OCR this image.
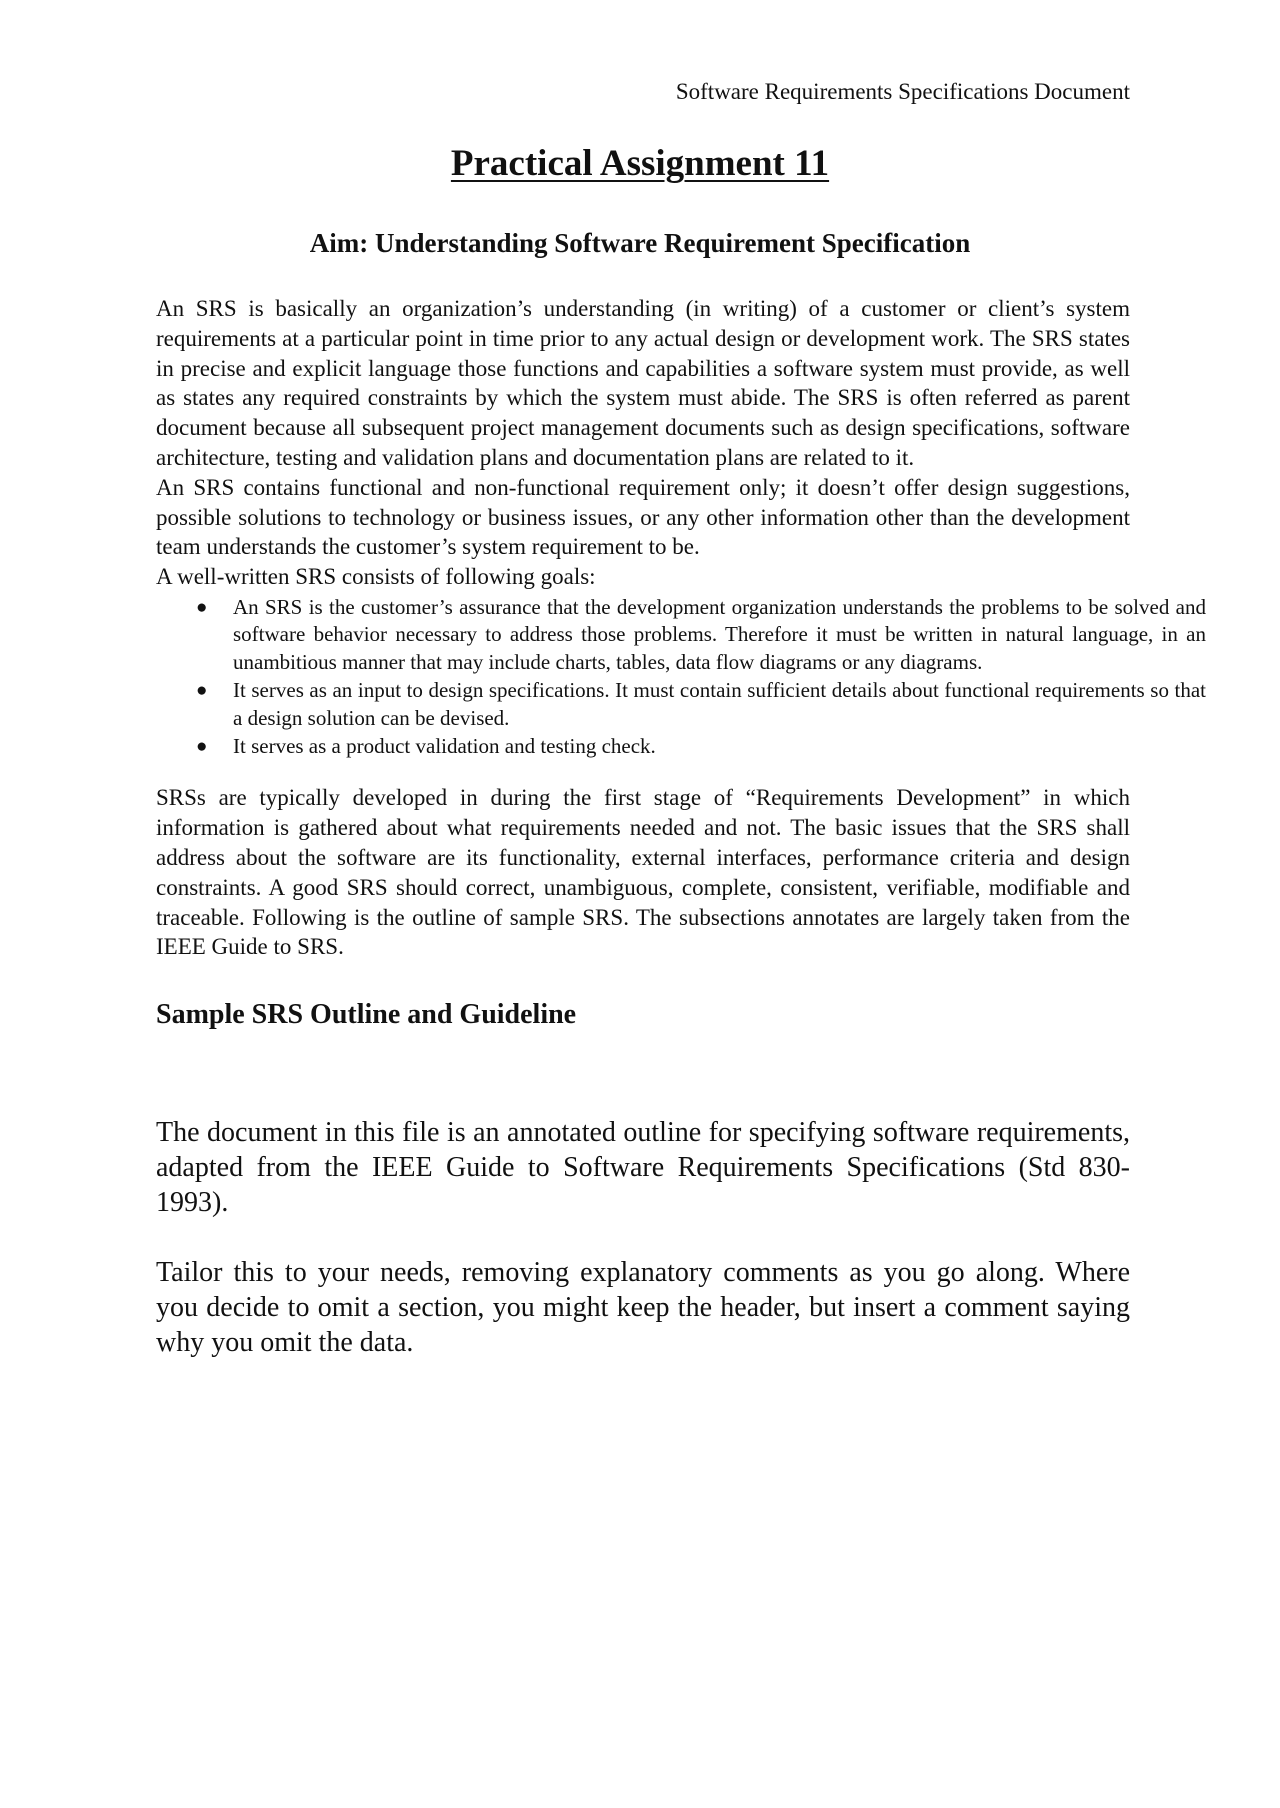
Software Requirements Specifications Document
Practical Assignment 11
Aim: Understanding Software Requirement Specification

An SRS is basically an organization’s understanding (in writing) of a customer or client’s system requirements at a particular point in time prior to any actual design or development work. The SRS states in precise and explicit language those functions and capabilities a software system must provide, as well as states any required constraints by which the system must abide. The SRS is often referred as parent document because all subsequent project management documents such as design specifications, software architecture, testing and validation plans and documentation plans are related to it.

An SRS contains functional and non-functional requirement only; it doesn’t offer design suggestions, possible solutions to technology or business issues, or any other information other than the development team understands the customer’s system requirement to be.

A well-written SRS consists of following goals:

● An SRS is the customer’s assurance that the development organization understands the problems to be solved and software behavior necessary to address those problems. Therefore it must be written in natural language, in an unambitious manner that may include charts, tables, data flow diagrams or any diagrams.
● It serves as an input to design specifications. It must contain sufficient details about functional requirements so that a design solution can be devised.
● It serves as a product validation and testing check.

SRSs are typically developed in during the first stage of “Requirements Development” in which information is gathered about what requirements needed and not. The basic issues that the SRS shall address about the software are its functionality, external interfaces, performance criteria and design constraints. A good SRS should correct, unambiguous, complete, consistent, verifiable, modifiable and traceable. Following is the outline of sample SRS. The subsections annotates are largely taken from the IEEE Guide to SRS.

Sample SRS Outline and Guideline

The document in this file is an annotated outline for specifying software requirements, adapted from the IEEE Guide to Software Requirements Specifications (Std 830-1993).

Tailor this to your needs, removing explanatory comments as you go along. Where you decide to omit a section, you might keep the header, but insert a comment saying why you omit the data.
